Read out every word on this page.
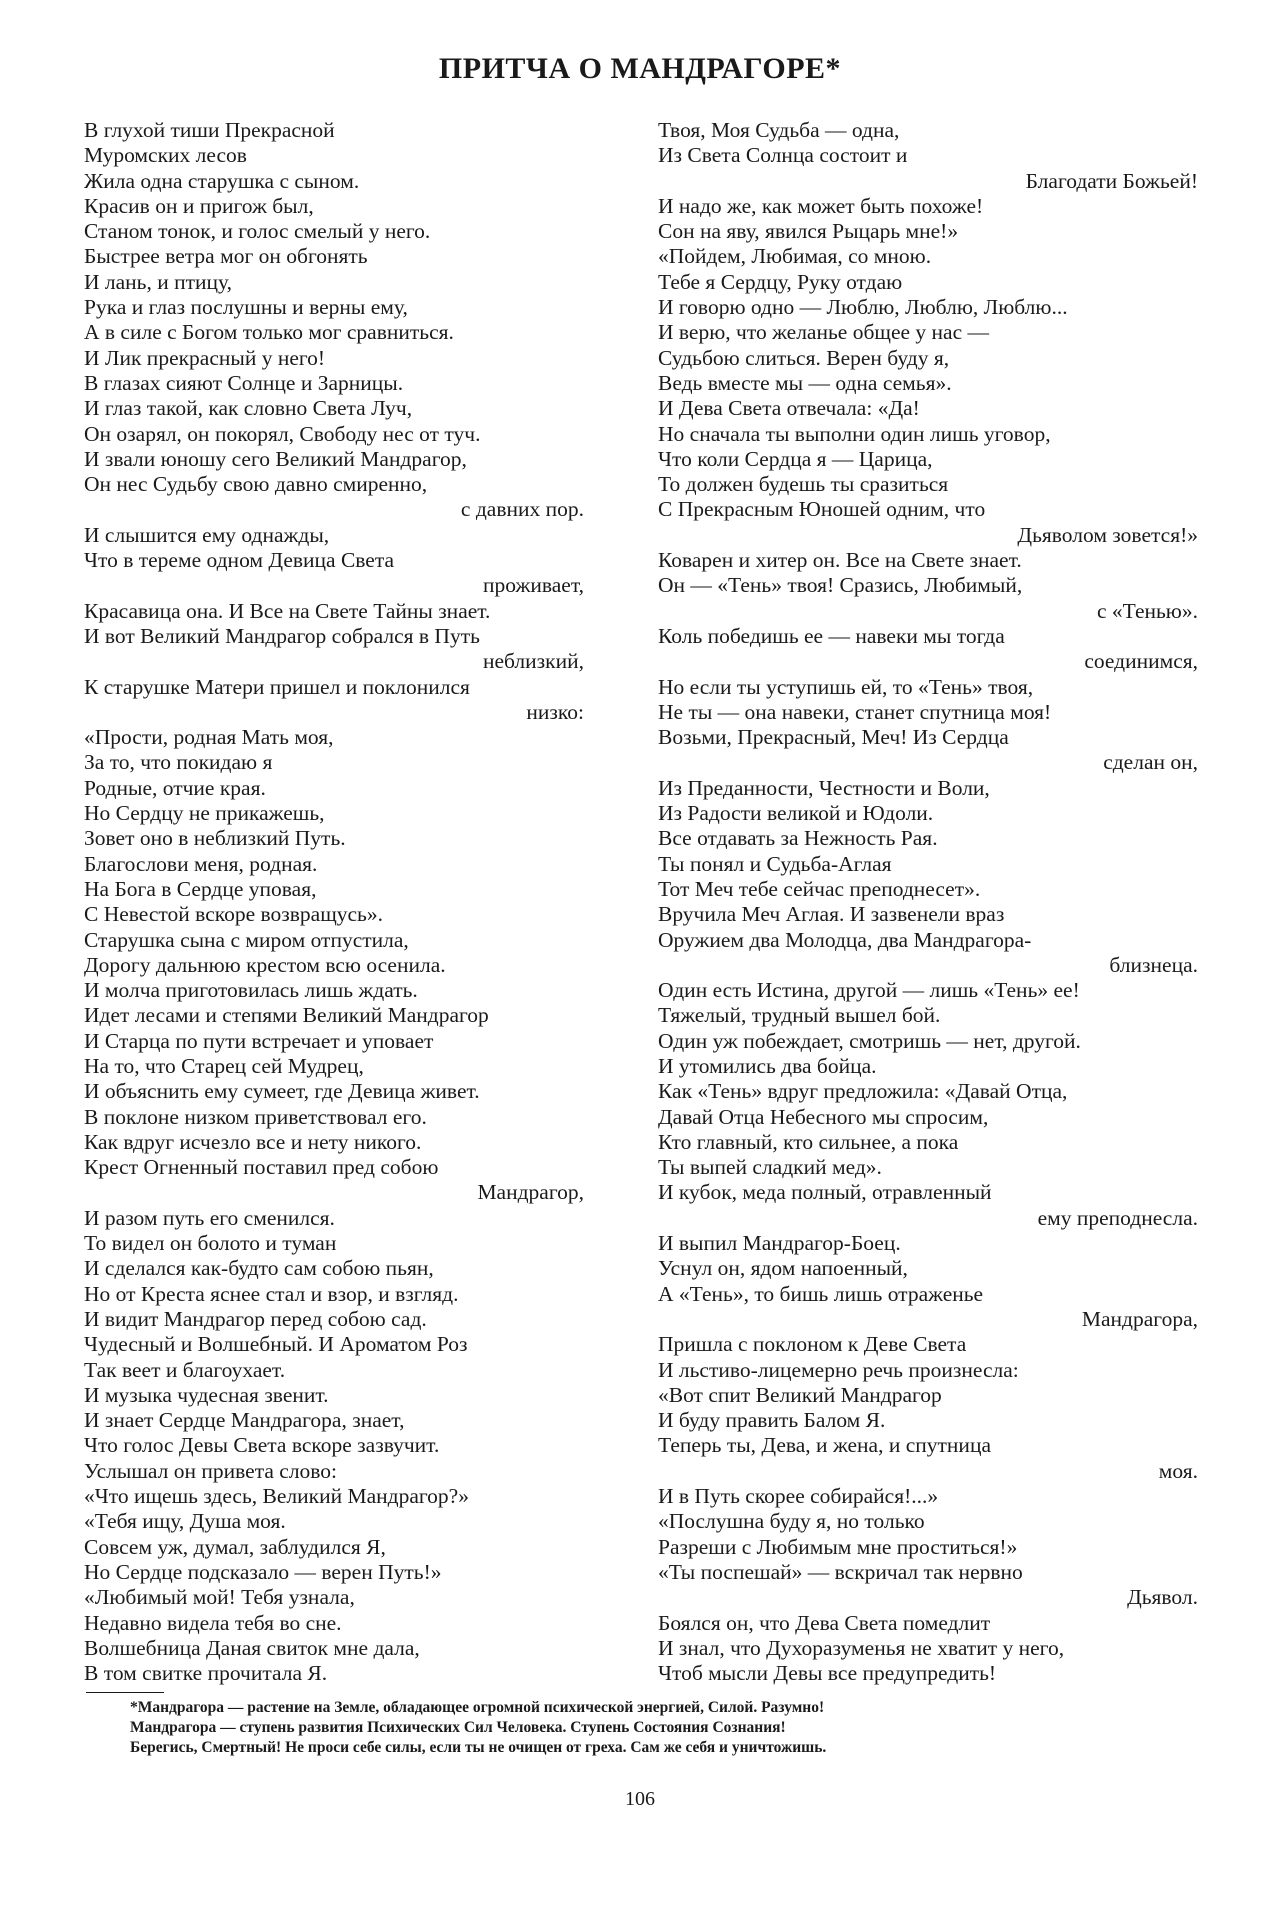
ПРИТЧА О МАНДРАГОРЕ*
В глухой тиши Прекрасной
Муромских лесов
Жила одна старушка с сыном.
Красив он и пригож был,
Станом тонок, и голос смелый у него.
Быстрее ветра мог он обгонять
И лань, и птицу,
Рука и глаз послушны и верны ему,
А в силе с Богом только мог сравниться.
И Лик прекрасный у него!
В глазах сияют Солнце и Зарницы.
И глаз такой, как словно Света Луч,
Он озарял, он покорял, Свободу нес от туч.
И звали юношу сего Великий Мандрагор,
Он нес Судьбу свою давно смиренно,
с давних пор.
И слышится ему однажды,
Что в тереме одном Девица Света
проживает,
Красавица она. И Все на Свете Тайны знает.
И вот Великий Мандрагор собрался в Путь
неблизкий,
К старушке Матери пришел и поклонился
низко:
«Прости, родная Мать моя,
За то, что покидаю я
Родные, отчие края.
Но Сердцу не прикажешь,
Зовет оно в неблизкий Путь.
Благослови меня, родная.
На Бога в Сердце уповая,
С Невестой вскоре возвращусь».
Старушка сына с миром отпустила,
Дорогу дальнюю крестом всю осенила.
И молча приготовилась лишь ждать.
Идет лесами и степями Великий Мандрагор
И Старца по пути встречает и уповает
На то, что Старец сей Мудрец,
И объяснить ему сумеет, где Девица живет.
В поклоне низком приветствовал его.
Как вдруг исчезло все и нету никого.
Крест Огненный поставил пред собою
Мандрагор,
И разом путь его сменился.
То видел он болото и туман
И сделался как-будто сам собою пьян,
Но от Креста яснее стал и взор, и взгляд.
И видит Мандрагор перед собою сад.
Чудесный и Волшебный. И Ароматом Роз
Так веет и благоухает.
И музыка чудесная звенит.
И знает Сердце Мандрагора, знает,
Что голос Девы Света вскоре зазвучит.
Услышал он привета слово:
«Что ищешь здесь, Великий Мандрагор?»
«Тебя ищу, Душа моя.
Совсем уж, думал, заблудился Я,
Но Сердце подсказало — верен Путь!»
«Любимый мой! Тебя узнала,
Недавно видела тебя во сне.
Волшебница Даная свиток мне дала,
В том свитке прочитала Я.
Твоя, Моя Судьба — одна,
Из Света Солнца состоит и
Благодати Божьей!
И надо же, как может быть похоже!
Сон на яву, явился Рыцарь мне!»
«Пойдем, Любимая, со мною.
Тебе я Сердцу, Руку отдаю
И говорю одно — Люблю, Люблю, Люблю...
И верю, что желанье общее у нас —
Судьбою слиться. Верен буду я,
Ведь вместе мы — одна семья».
И Дева Света отвечала: «Да!
Но сначала ты выполни один лишь уговор,
Что коли Сердца я — Царица,
То должен будешь ты сразиться
С Прекрасным Юношей одним, что
Дьяволом зовется!»
Коварен и хитер он. Все на Свете знает.
Он — «Тень» твоя! Сразись, Любимый,
с «Тенью».
Коль победишь ее — навеки мы тогда
соединимся,
Но если ты уступишь ей, то «Тень» твоя,
Не ты — она навеки, станет спутница моя!
Возьми, Прекрасный, Меч! Из Сердца
сделан он,
Из Преданности, Честности и Воли,
Из Радости великой и Юдоли.
Все отдавать за Нежность Рая.
Ты понял и Судьба-Аглая
Тот Меч тебе сейчас преподнесет».
Вручила Меч Аглая. И зазвенели враз
Оружием два Молодца, два Мандрагора-
близнеца.
Один есть Истина, другой — лишь «Тень» ее!
Тяжелый, трудный вышел бой.
Один уж побеждает, смотришь — нет, другой.
И утомились два бойца.
Как «Тень» вдруг предложила: «Давай Отца,
Давай Отца Небесного мы спросим,
Кто главный, кто сильнее, а пока
Ты выпей сладкий мед».
И кубок, меда полный, отравленный
ему преподнесла.
И выпил Мандрагор-Боец.
Уснул он, ядом напоенный,
А «Тень», то бишь лишь отраженье
Мандрагора,
Пришла с поклоном к Деве Света
И льстиво-лицемерно речь произнесла:
«Вот спит Великий Мандрагор
И буду править Балом Я.
Теперь ты, Дева, и жена, и спутница
моя.
И в Путь скорее собирайся!...»
«Послушна буду я, но только
Разреши с Любимым мне проститься!»
«Ты поспешай» — вскричал так нервно
Дьявол.
Боялся он, что Дева Света помедлит
И знал, что Духоразуменья не хватит у него,
Чтоб мысли Девы все предупредить!
*Мандрагора — растение на Земле, обладающее огромной психической энергией, Силой. Разумно!
Мандрагора — ступень развития Психических Сил Человека. Ступень Состояния Сознания!
Берегись, Смертный! Не проси себе силы, если ты не очищен от греха. Сам же себя и уничтожишь.
106
